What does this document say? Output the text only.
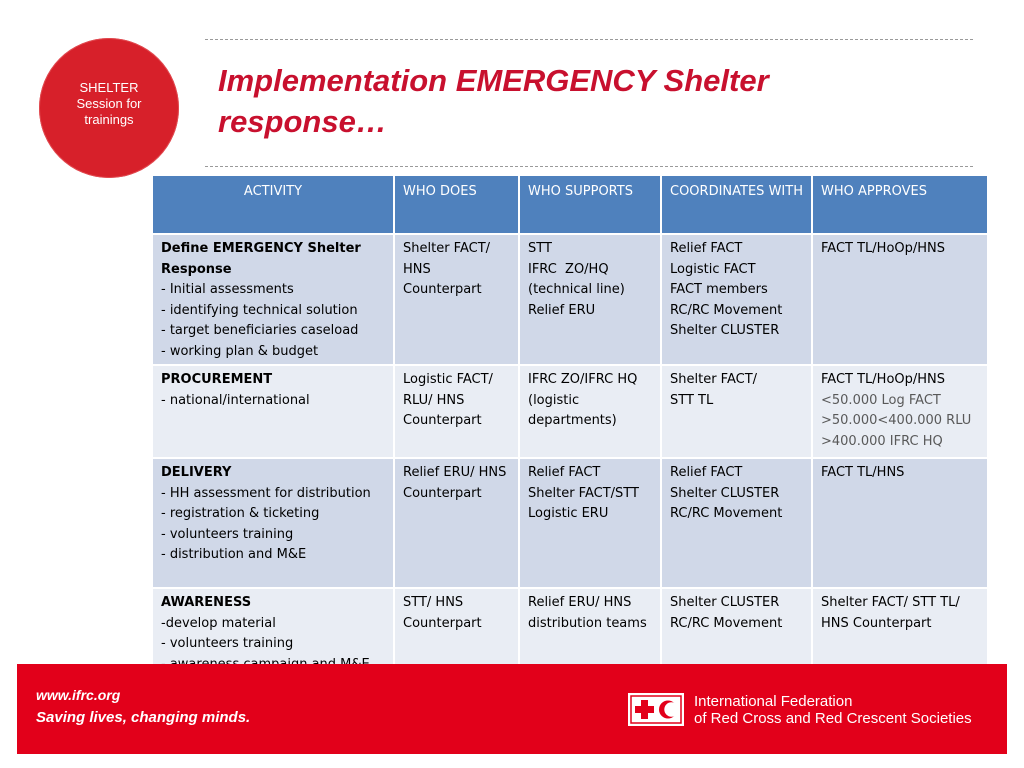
SHELTER
Session for
trainings
Implementation EMERGENCY Shelter
response…
ACTIVITY	WHO DOES	WHO SUPPORTS	COORDINATES WITH	WHO APPROVES

Define EMERGENCY Shelter Response
- Initial assessments
- identifying technical solution
- target beneficiaries caseload
- working plan & budget	Shelter FACT/ HNS Counterpart	STT
IFRC  ZO/HQ (technical line)
Relief ERU	Relief FACT
Logistic FACT
FACT members
RC/RC Movement
Shelter CLUSTER	FACT TL/HoOp/HNS

PROCUREMENT
- national/international	Logistic FACT/ RLU/ HNS Counterpart	IFRC ZO/IFRC HQ (logistic departments)	Shelter FACT/
STT TL	FACT TL/HoOp/HNS
<50.000 Log FACT
>50.000<400.000 RLU
>400.000 IFRC HQ

DELIVERY
- HH assessment for distribution
- registration & ticketing
- volunteers training
- distribution and M&E	Relief ERU/ HNS Counterpart	Relief FACT
Shelter FACT/STT
Logistic ERU	Relief FACT
Shelter CLUSTER
RC/RC Movement	FACT TL/HNS

AWARENESS
-develop material
- volunteers training	STT/ HNS Counterpart	Relief ERU/ HNS distribution teams	Shelter CLUSTER
RC/RC Movement	Shelter FACT/ STT TL/ HNS Counterpart
www.ifrc.org
Saving lives, changing minds.
International Federation
of Red Cross and Red Crescent Societies
